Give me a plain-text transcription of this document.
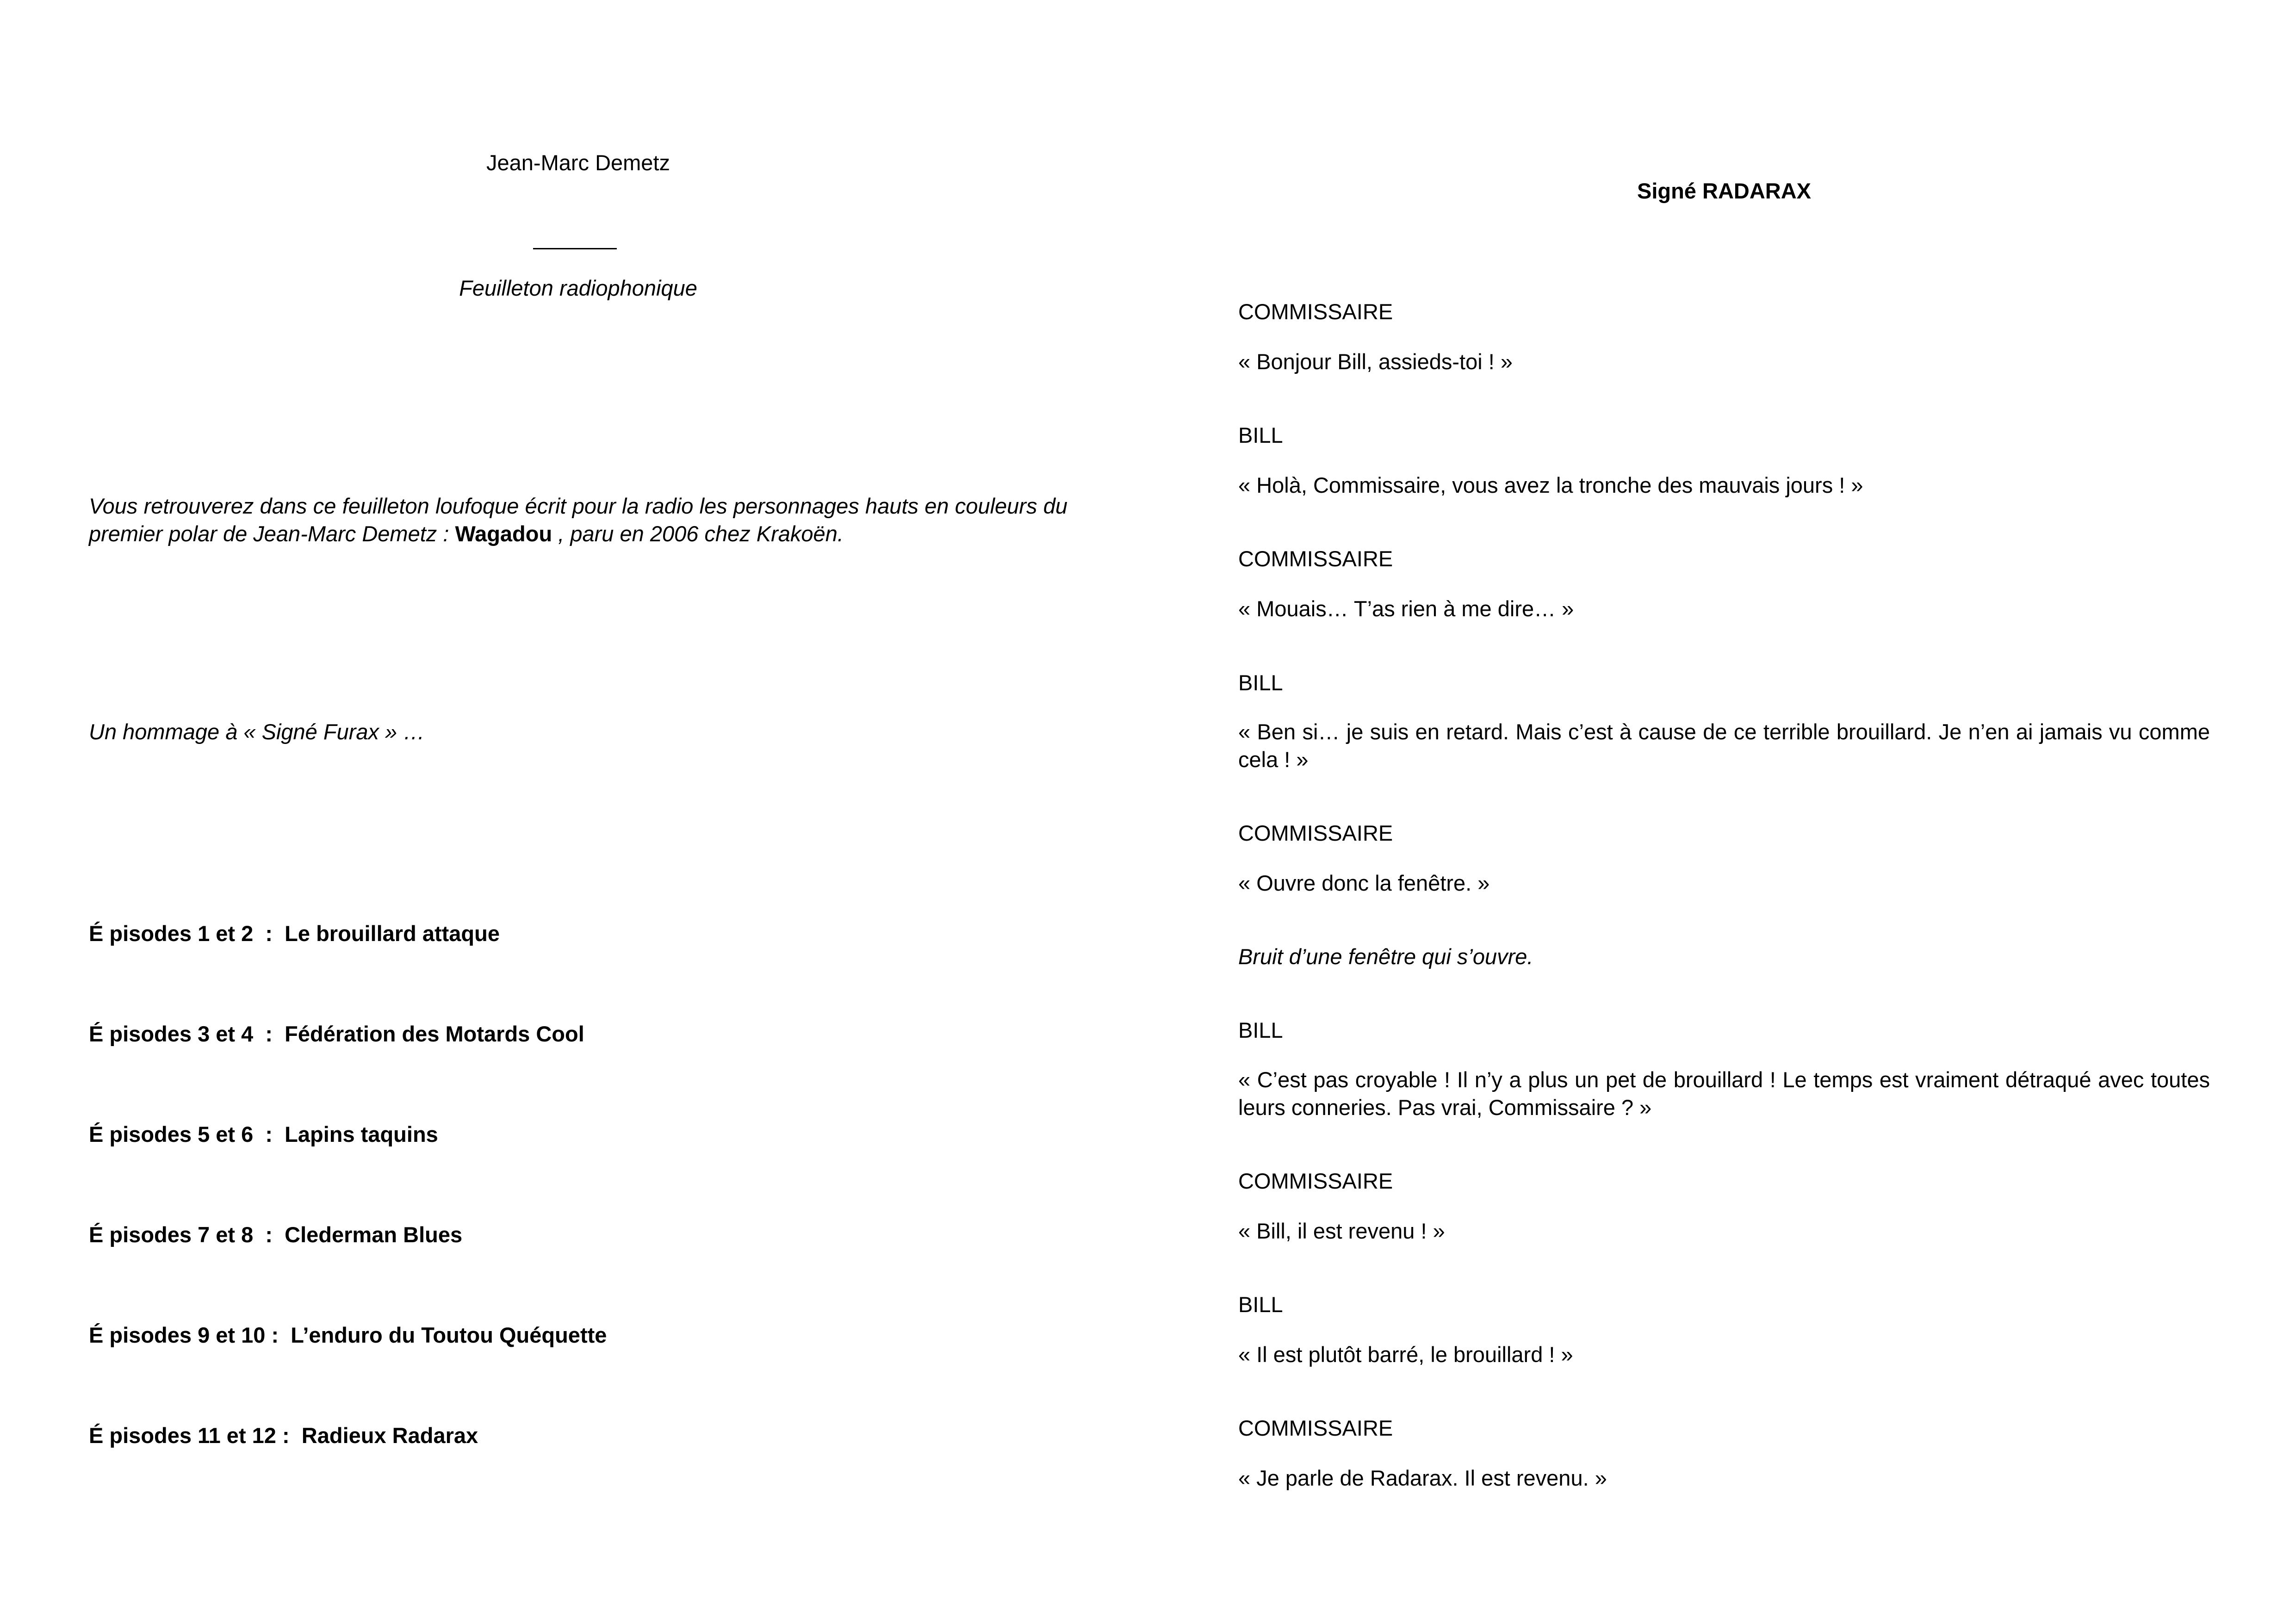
Jean-Marc Demetz
Feuilleton radiophonique
Vous retrouverez dans ce feuilleton loufoque écrit pour la radio les personnages hauts en couleurs du premier polar de Jean-Marc Demetz : Wagadou , paru en 2006 chez Krakoën.
Un hommage à « Signé Furax » …
É pisodes 1 et 2  : Le brouillard attaque
É pisodes 3 et 4  : Fédération des Motards Cool
É pisodes 5 et 6  : Lapins taquins
É pisodes 7 et 8  : Clederman Blues
É pisodes 9 et 10 : L’enduro du Toutou Quéquette
É pisodes 11 et 12 : Radieux Radarax
Signé RADARAX
COMMISSAIRE
« Bonjour Bill, assieds-toi ! »
BILL
« Holà, Commissaire, vous avez la tronche des mauvais jours ! »
COMMISSAIRE
« Mouais… T’as rien à me dire… »
BILL
« Ben si… je suis en retard. Mais c’est à cause de ce terrible brouillard. Je n’en ai jamais vu comme cela ! »
COMMISSAIRE
« Ouvre donc la fenêtre. »
Bruit d’une fenêtre qui s’ouvre.
BILL
« C’est pas croyable ! Il n’y a plus un pet de brouillard ! Le temps est vraiment détraqué avec toutes leurs conneries. Pas vrai, Commissaire ? »
COMMISSAIRE
« Bill, il est revenu ! »
BILL
« Il est plutôt barré, le brouillard ! »
COMMISSAIRE
« Je parle de Radarax. Il est revenu. »
